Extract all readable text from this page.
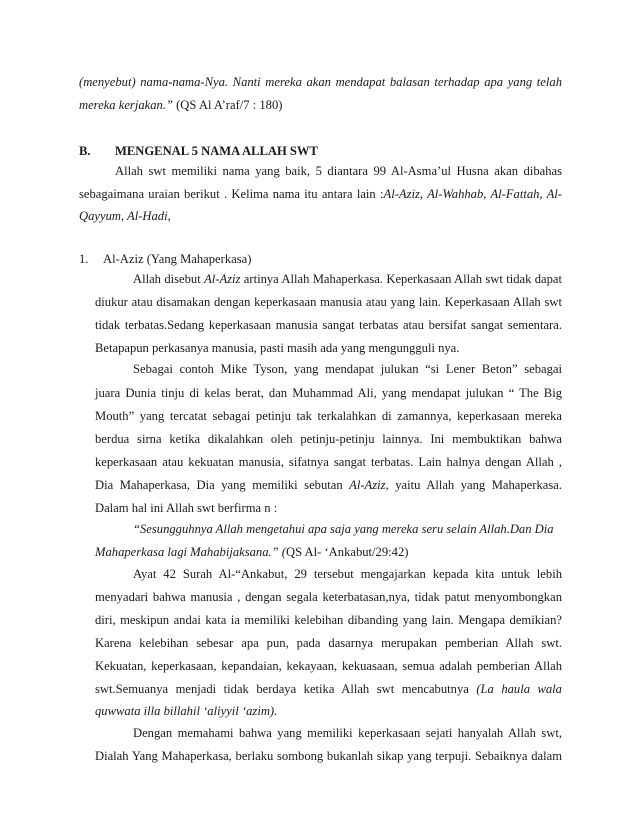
(menyebut) nama-nama-Nya. Nanti mereka akan mendapat balasan terhadap apa yang telah
mereka kerjakan.” (QS Al A’raf/7 : 180)
B. MENGENAL 5 NAMA ALLAH SWT
Allah swt memiliki nama yang baik, 5 diantara 99 Al-Asma’ul Husna akan dibahas
sebagaimana uraian berikut . Kelima nama itu antara lain :Al-Aziz, Al-Wahhab, Al-Fattah, Al-
Qayyum, Al-Hadi,
1. Al-Aziz (Yang Mahaperkasa)
Allah disebut Al-Aziz artinya Allah Mahaperkasa. Keperkasaan Allah swt tidak dapat
diukur atau disamakan dengan keperkasaan manusia atau yang lain. Keperkasaan Allah swt
tidak terbatas.Sedang keperkasaan manusia sangat terbatas atau bersifat sangat sementara.
Betapapun perkasanya manusia, pasti masih ada yang mengungguli nya.
Sebagai contoh Mike Tyson, yang mendapat julukan “si Lener Beton” sebagai
juara Dunia tinju di kelas berat, dan Muhammad Ali, yang mendapat julukan “ The Big
Mouth” yang tercatat sebagai petinju tak terkalahkan di zamannya, keperkasaan mereka
berdua sirna ketika dikalahkan oleh petinju-petinju lainnya. Ini membuktikan bahwa
keperkasaan atau kekuatan manusia, sifatnya sangat terbatas. Lain halnya dengan Allah ,
Dia Mahaperkasa, Dia yang memiliki sebutan Al-Aziz, yaitu Allah yang Mahaperkasa.
Dalam hal ini Allah swt berfirma n :
“Sesungguhnya Allah mengetahui apa saja yang mereka seru selain Allah.Dan Dia
Mahaperkasa lagi Mahabijaksana.” (QS Al- ‘Ankabut/29:42)
Ayat 42 Surah Al-“Ankabut, 29 tersebut mengajarkan kepada kita untuk lebih
menyadari bahwa manusia , dengan segala keterbatasan,nya, tidak patut menyombongkan
diri, meskipun andai kata ia memiliki kelebihan dibanding yang lain. Mengapa demikian?
Karena kelebihan sebesar apa pun, pada dasarnya merupakan pemberian Allah swt.
Kekuatan, keperkasaan, kepandaian, kekayaan, kekuasaan, semua adalah pemberian Allah
swt.Semuanya menjadi tidak berdaya ketika Allah swt mencabutnya (La haula wala
quwwata illa billahil ‘aliyyil ‘azim).
Dengan memahami bahwa yang memiliki keperkasaan sejati hanyalah Allah swt,
Dialah Yang Mahaperkasa, berlaku sombong bukanlah sikap yang terpuji. Sebaiknya dalam
